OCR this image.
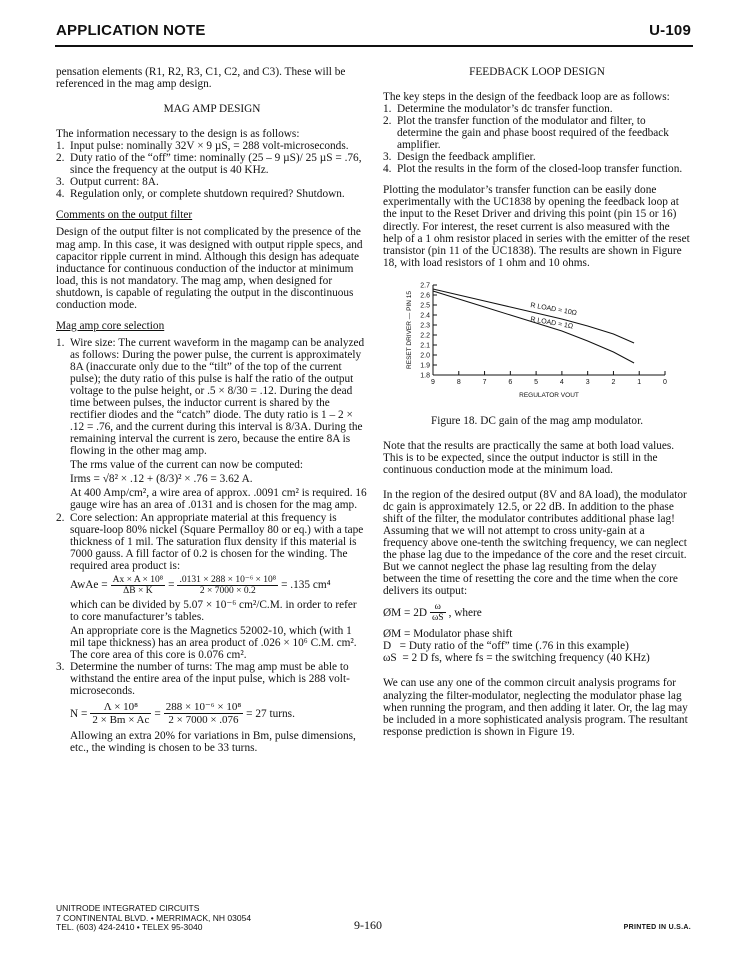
APPLICATION NOTE	U-109

pensation elements (R1, R2, R3, C1, C2, and C3). These will be referenced in the mag amp design.

MAG AMP DESIGN

The information necessary to the design is as follows:

1. Input pulse: nominally 32V × 9 µS, = 288 volt-microseconds.
2. Duty ratio of the “off” time: nominally (25 – 9 µS)/ 25 µS = .76, since the frequency at the output is 40 KHz.
3. Output current: 8A.
4. Regulation only, or complete shutdown required? Shutdown.

Comments on the output filter

Design of the output filter is not complicated by the presence of the mag amp. In this case, it was designed with output ripple specs, and capacitor ripple current in mind. Although this design has adequate inductance for continuous conduction of the inductor at minimum load, this is not mandatory. The mag amp, when designed for shutdown, is capable of regulating the output in the discontinuous conduction mode.

Mag amp core selection

1. Wire size: The current waveform in the magamp can be analyzed as follows: During the power pulse, the current is approximately 8A (inaccurate only due to the “tilt” of the top of the current pulse); the duty ratio of this pulse is half the ratio of the output voltage to the pulse height, or .5 × 8/30 = .12. During the dead time between pulses, the inductor current is shared by the rectifier diodes and the “catch” diode. The duty ratio is 1 – 2 × .12 = .76, and the current during this interval is 8/3A. During the remaining interval the current is zero, because the entire 8A is flowing in the other mag amp.

The rms value of the current can now be computed:

Irms = √8² × .12 + (8/3)² × .76 = 3.62 A.

At 400 Amp/cm², a wire area of approx. .0091 cm² is required. 16 gauge wire has an area of .0131 and is chosen for the mag amp.

2. Core selection: An appropriate material at this frequency is square-loop 80% nickel (Square Permalloy 80 or eq.) with a tape thickness of 1 mil. The saturation flux density if this material is 7000 gauss. A fill factor of 0.2 is chosen for the winding. The required area product is:

AwAe = $\frac{\text{Ax × A × 10⁸}}{\Delta B \times K} = \frac{\text{.0131 × 288 × 10⁻⁶ × 10⁸}}{2 \times 7000 \times 0.2} = .135$ cm⁴

which can be divided by 5.07 × 10⁻⁶ cm²/C.M. in order to refer to core manufacturer’s tables.

An appropriate core is the Magnetics 52002-10, which (with 1 mil tape thickness) has an area product of .026 × 10⁶ C.M. cm². The core area of this core is 0.076 cm².

3. Determine the number of turns: The mag amp must be able to withstand the entire area of the input pulse, which is 288 volt-microseconds.

$N = \frac{\text{Λ × 10⁸}}{2 \times Bm \times Ac} = \frac{\text{288 × 10⁻⁶ × 10⁸}}{2 \times 7000 \times .076} = 27$ turns.

Allowing an extra 20% for variations in Bm, pulse dimensions, etc., the winding is chosen to be 33 turns.

FEEDBACK LOOP DESIGN

The key steps in the design of the feedback loop are as follows:

1. Determine the modulator’s dc transfer function.
2. Plot the transfer function of the modulator and filter, to determine the gain and phase boost required of the feedback amplifier.
3. Design the feedback amplifier.
4. Plot the results in the form of the closed-loop transfer function.

Plotting the modulator’s transfer function can be easily done experimentally with the UC1838 by opening the feedback loop at the input to the Reset Driver and driving this point (pin 15 or 16) directly. For interest, the reset current is also measured with the help of a 1 ohm resistor placed in series with the emitter of the reset transistor (pin 11 of the UC1838). The results are shown in Figure 18, with load resistors of 1 ohm and 10 ohms.

1.8
1.9
2.0
2.1
2.2
2.3
2.4
2.5
2.6
2.7
9	8	7	6	5	4	3	2	1	0
RESET DRIVER — PIN 15
REGULATOR VOUT
R LOAD = 10Ω
R LOAD = 1Ω

Figure 18. DC gain of the mag amp modulator.

Note that the results are practically the same at both load values. This is to be expected, since the output inductor is still in the continuous conduction mode at the minimum load.

In the region of the desired output (8V and 8A load), the modulator dc gain is approximately 12.5, or 22 dB. In addition to the phase shift of the filter, the modulator contributes additional phase lag! Assuming that we will not attempt to cross unity-gain at a frequency above one-tenth the switching frequency, we can neglect the phase lag due to the impedance of the core and the reset circuit. But we cannot neglect the phase lag resulting from the delay between the time of resetting the core and the time when the core delivers its output:

ØM = $2D \frac{\omega}{\omega S}$ , where

ØM = Modulator phase shift

D   = Duty ratio of the “off” time (.76 in this example)

ωS  = 2 D fs, where fs = the switching frequency (40 KHz)

We can use any one of the common circuit analysis programs for analyzing the filter-modulator, neglecting the modulator phase lag when running the program, and then adding it later. Or, the lag may be included in a more sophisticated analysis program. The resultant response prediction is shown in Figure 19.

UNITRODE INTEGRATED CIRCUITS
7 CONTINENTAL BLVD. • MERRIMACK, NH 03054
TEL. (603) 424-2410 • TELEX 95-3040	9-160	PRINTED IN U.S.A.
